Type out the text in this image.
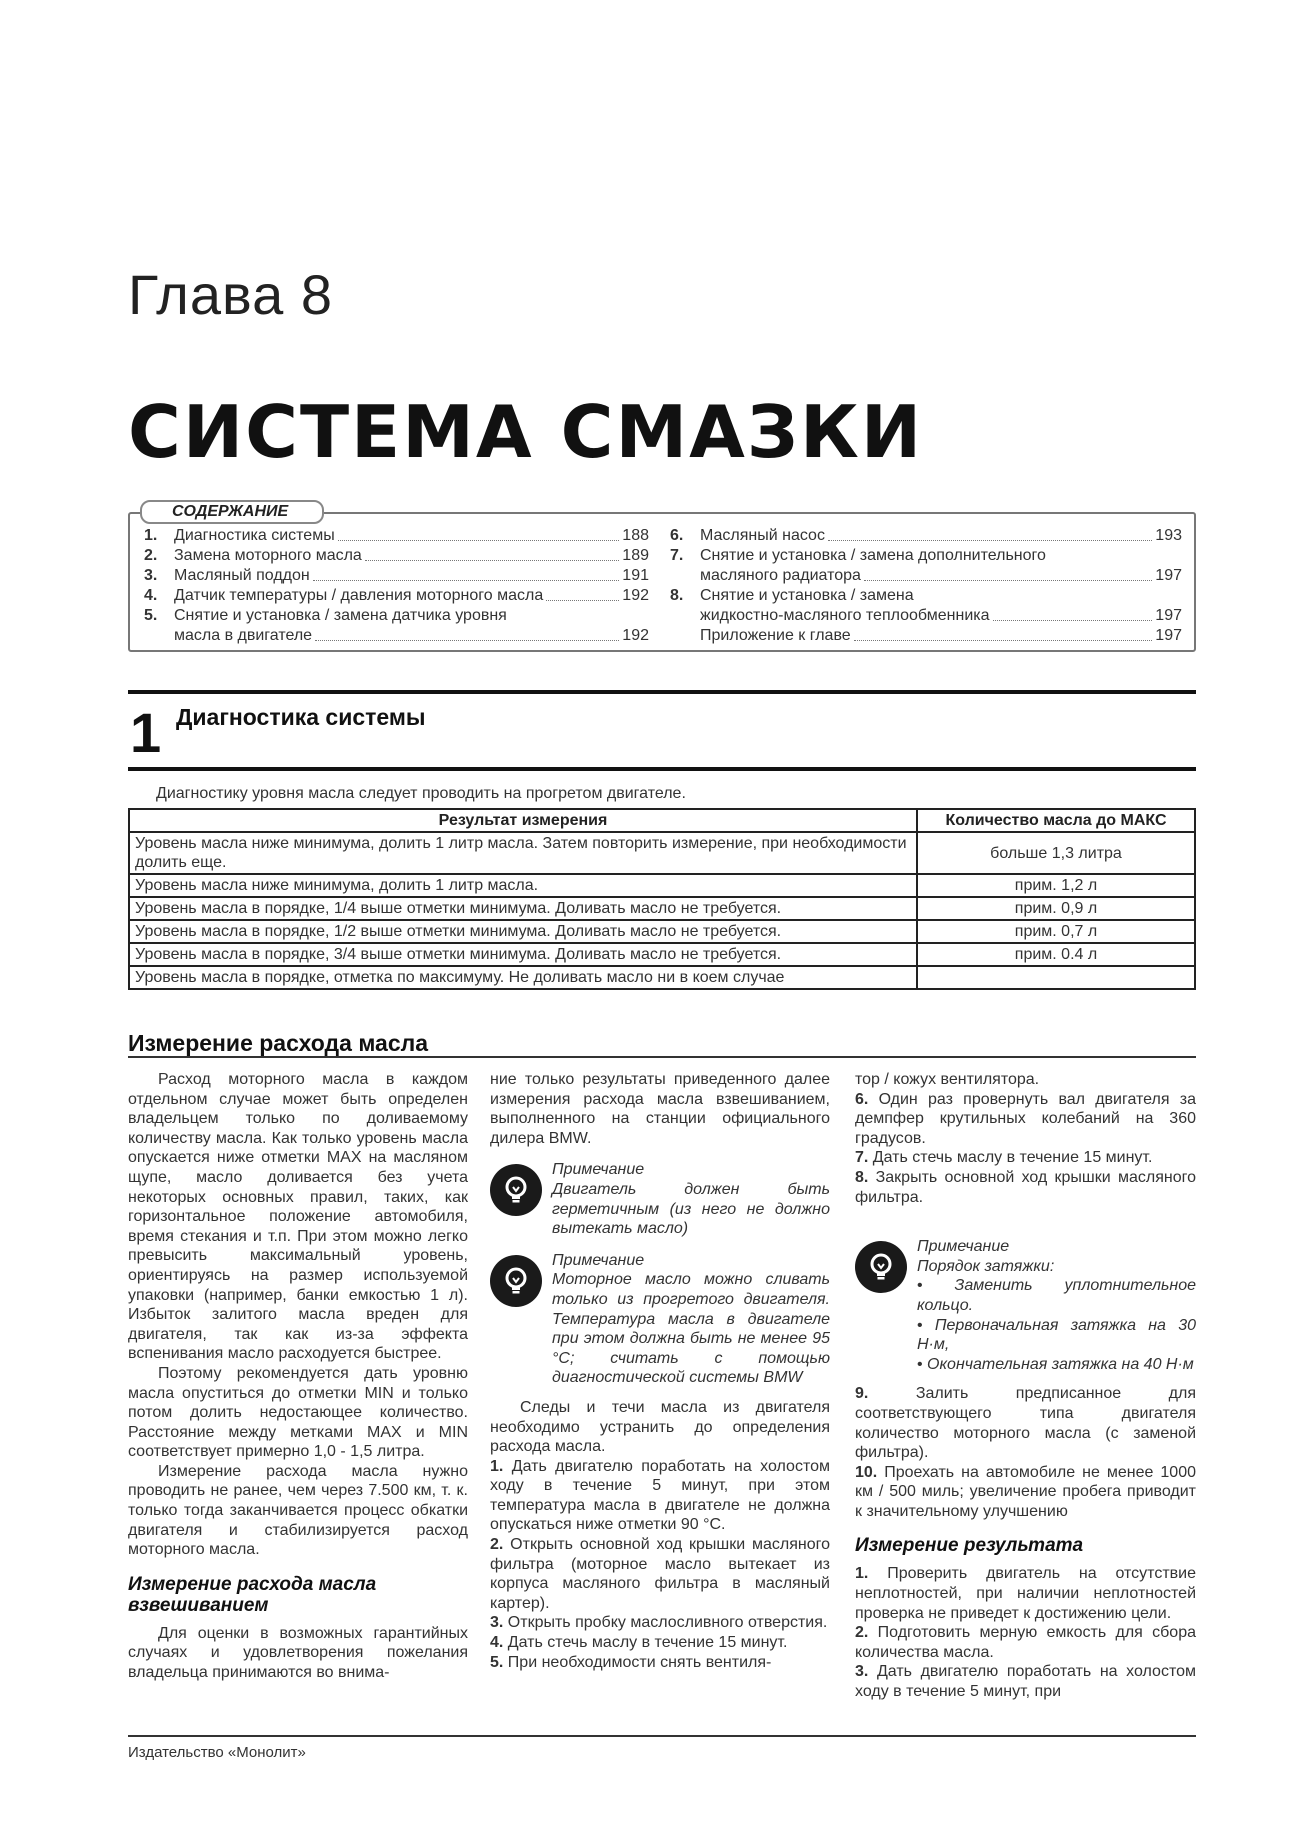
Глава 8
СИСТЕМА СМАЗКИ
СОДЕРЖАНИЕ
1.	Диагностика системы	188
2.	Замена моторного масла	189
3.	Масляный поддон	191
4.	Датчик температуры / давления моторного масла	192
5.	Снятие и установка / замена датчика уровня
масла в двигателе	192
6.	Масляный насос	193
7.	Снятие и установка / замена дополнительного
масляного радиатора	197
8.	Снятие и установка / замена
жидкостно-масляного теплообменника	197
Приложение к главе	197
1 Диагностика системы
Диагностику уровня масла следует проводить на прогретом двигателе.
Результат измерения	Количество масла до МАКС
Уровень масла ниже минимума, долить 1 литр масла. Затем повторить измерение, при необходимости долить еще.	больше 1,3 литра
Уровень масла ниже минимума, долить 1 литр масла.	прим. 1,2 л
Уровень масла в порядке, 1/4 выше отметки минимума. Доливать масло не требуется.	прим. 0,9 л
Уровень масла в порядке, 1/2 выше отметки минимума. Доливать масло не требуется.	прим. 0,7 л
Уровень масла в порядке, 3/4 выше отметки минимума. Доливать масло не требуется.	прим. 0.4 л
Уровень масла в порядке, отметка по максимуму. Не доливать масло ни в коем случае	
Измерение расхода масла

Расход моторного масла в каждом отдельном случае может быть определен владельцем только по доливаемому количеству масла. Как только уровень масла опускается ниже отметки MAX на масляном щупе, масло доливается без учета некоторых основных правил, таких, как горизонтальное положение автомобиля, время стекания и т.п. При этом можно легко превысить максимальный уровень, ориентируясь на размер используемой упаковки (например, банки емкостью 1 л). Избыток залитого масла вреден для двигателя, так как из-за эффекта вспенивания масло расходуется быстрее.

Поэтому рекомендуется дать уровню масла опуститься до отметки MIN и только потом долить недостающее количество. Расстояние между метками MAX и MIN соответствует примерно 1,0 - 1,5 литра.

Измерение расхода масла нужно проводить не ранее, чем через 7.500 км, т. к. только тогда заканчивается процесс обкатки двигателя и стабилизируется расход моторного масла.

Измерение расхода масла взвешиванием

Для оценки в возможных гарантийных случаях и удовлетворения пожелания владельца принимаются во внима-

ние только результаты приведенного далее измерения расхода масла взвешиванием, выполненного на станции официального дилера BMW.

Примечание
Двигатель должен быть герметичным (из него не должно вытекать масло)
Примечание
Моторное масло можно сливать только из прогретого двигателя. Температура масла в двигателе при этом должна быть не менее 95 °С; считать с помощью диагностической системы BMW

Следы и течи масла из двигателя необходимо устранить до определения расхода масла.

1. Дать двигателю поработать на холостом ходу в течение 5 минут, при этом температура масла в двигателе не должна опускаться ниже отметки 90 °С.

2. Открыть основной ход крышки масляного фильтра (моторное масло вытекает из корпуса масляного фильтра в масляный картер).

3. Открыть пробку маслосливного отверстия.

4. Дать стечь маслу в течение 15 минут.

5. При необходимости снять вентиля-

тор / кожух вентилятора.

6. Один раз провернуть вал двигателя за демпфер крутильных колебаний на 360 градусов.

7. Дать стечь маслу в течение 15 минут.

8. Закрыть основной ход крышки масляного фильтра.

Примечание
Порядок затяжки:
• Заменить уплотнительное кольцо.
• Первоначальная затяжка на 30 Н·м,
• Окончательная затяжка на 40 Н·м

9.	Залить предписанное для соответствующего типа двигателя количество моторного масла (с заменой фильтра).

10. Проехать на автомобиле не менее 1000 км / 500 миль; увеличение пробега приводит к значительному улучшению

Измерение результата

1. Проверить двигатель на отсутствие неплотностей, при наличии неплотностей проверка не приведет к достижению цели.

2. Подготовить мерную емкость для сбора количества масла.

3. Дать двигателю поработать на холостом ходу в течение 5 минут, при

Издательство «Монолит»
